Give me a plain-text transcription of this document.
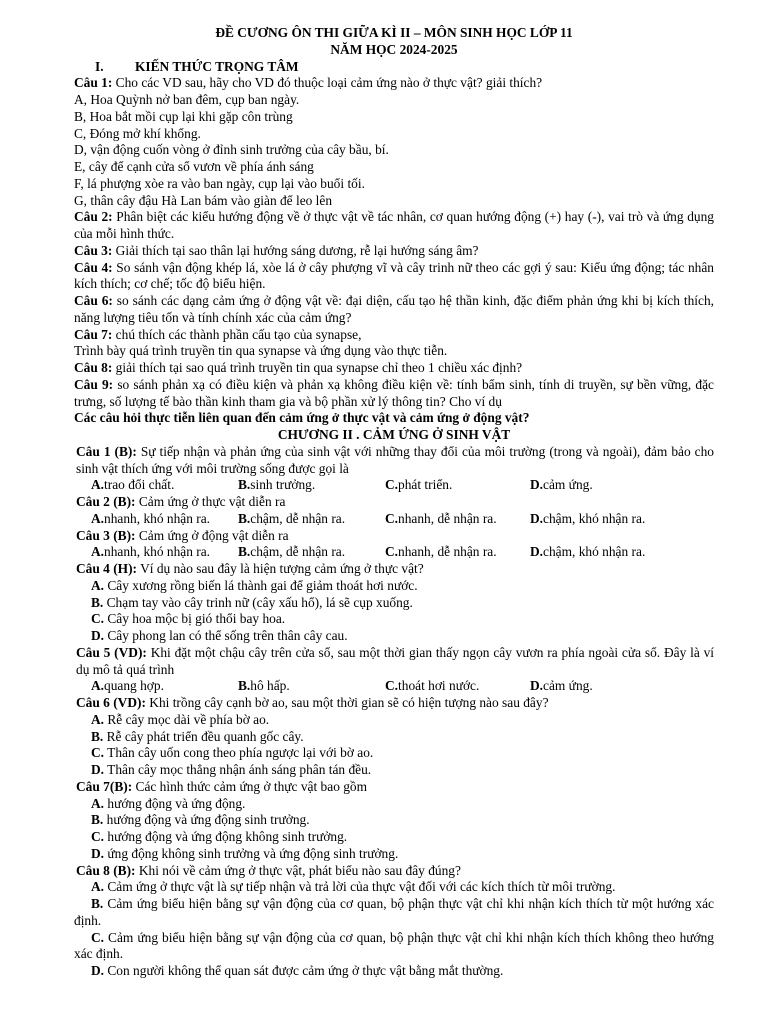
ĐỀ CƯƠNG ÔN THI GIỮA KÌ II – MÔN SINH HỌC LỚP 11
NĂM HỌC 2024-2025
I.	KIẾN THỨC TRỌNG TÂM
Câu 1: Cho các VD sau, hãy cho VD đó thuộc loại cảm ứng nào ở thực vật? giải thích?
A, Hoa Quỳnh nở ban đêm, cụp ban ngày.
B, Hoa bắt mồi cụp lại khi gặp côn trùng
C, Đóng mở khí khổng.
D, vận động cuốn vòng ở đỉnh sinh trưởng của cây bầu, bí.
E, cây để cạnh cửa sổ vươn về phía ánh sáng
F, lá phượng xòe ra vào ban ngày, cụp lại vào buổi tối.
G, thân cây đậu Hà Lan bám vào giàn để leo lên
Câu 2: Phân biệt các kiểu hướng động về ở thực vật về tác nhân, cơ quan hướng động (+) hay (-), vai trò và ứng dụng của mỗi hình thức.
Câu 3: Giải thích tại sao thân lại hướng sáng dương, rễ lại hướng sáng âm?
Câu 4: So sánh vận động khép lá, xòe lá ở cây phượng vĩ và cây trinh nữ theo các gợi ý sau: Kiểu ứng động; tác nhân kích thích; cơ chế; tốc độ biểu hiện.
Câu 6: so sánh các dạng cảm ứng ở động vật về: đại diện, cấu tạo hệ thần kinh, đặc điểm phản ứng khi bị kích thích, năng lượng tiêu tốn và tính chính xác của cảm ứng?
Câu 7: chú thích các thành phần cấu tạo của synapse,
Trình bày quá trình truyền tin qua synapse và ứng dụng vào thực tiễn.
Câu 8: giải thích tại sao quá trình truyền tin qua synapse chỉ theo 1 chiều xác định?
Câu 9: so sánh phản xạ có điều kiện và phản xạ không điều kiện về: tính bẩm sinh, tính di truyền, sự bền vững, đặc trưng, số lượng tế bào thần kinh tham gia và bộ phần xử lý thông tin? Cho ví dụ
Các câu hỏi thực tiễn liên quan đến cảm ứng ở thực vật và cảm ứng ở động vật?
CHƯƠNG II . CẢM ỨNG Ở SINH VẬT
Câu 1 (B): Sự tiếp nhận và phản ứng của sinh vật với những thay đổi của môi trường (trong và ngoài), đảm bảo cho sinh vật thích ứng với môi trường sống được gọi là
A.trao đổi chất.	B.sinh trưởng.	C.phát triển.	D.cảm ứng.
Câu 2 (B): Cảm ứng ở thực vật diễn ra
A.nhanh, khó nhận ra.	B.chậm, dễ nhận ra.	C.nhanh, dễ nhận ra.	D.chậm, khó nhận ra.
Câu 3 (B): Cảm ứng ở động vật diễn ra
A.nhanh, khó nhận ra.	B.chậm, dễ nhận ra.	C.nhanh, dễ nhận ra.	D.chậm, khó nhận ra.
Câu 4 (H): Ví dụ nào sau đây là hiện tượng cảm ứng ở thực vật?
A. Cây xương rồng biến lá thành gai để giảm thoát hơi nước.
B. Chạm tay vào cây trinh nữ (cây xấu hổ), lá sẽ cụp xuống.
C. Cây hoa mộc bị gió thổi bay hoa.
D. Cây phong lan có thể sống trên thân cây cau.
Câu 5 (VD): Khi đặt một chậu cây trên cửa sổ, sau một thời gian thấy ngọn cây vươn ra phía ngoài cửa sổ. Đây là ví dụ mô tả quá trình
A.quang hợp.	B.hô hấp.	C.thoát hơi nước.	D.cảm ứng.
Câu 6 (VD): Khi trồng cây cạnh bờ ao, sau một thời gian sẽ có hiện tượng nào sau đây?
A. Rễ cây mọc dài về phía bờ ao.
B. Rễ cây phát triển đều quanh gốc cây.
C. Thân cây uốn cong theo phía ngược lại với bờ ao.
D. Thân cây mọc thẳng nhận ánh sáng phân tán đều.
Câu 7(B): Các hình thức cảm ứng ở thực vật bao gồm
A. hướng động và ứng động.
B. hướng động và ứng động sinh trưởng.
C. hướng động và ứng động không sinh trưởng.
D. ứng động không sinh trưởng và ứng động sinh trưởng.
Câu 8 (B): Khi nói về cảm ứng ở thực vật, phát biểu nào sau đây đúng?
A. Cảm ứng ở thực vật là sự tiếp nhận và trả lời của thực vật đối với các kích thích từ môi trường.
B. Cảm ứng biểu hiện bằng sự vận động của cơ quan, bộ phận thực vật chỉ khi nhận kích thích từ một hướng xác định.
C. Cảm ứng biểu hiện bằng sự vận động của cơ quan, bộ phận thực vật chỉ khi nhận kích thích không theo hướng xác định.
D. Con người không thể quan sát được cảm ứng ở thực vật bằng mắt thường.
